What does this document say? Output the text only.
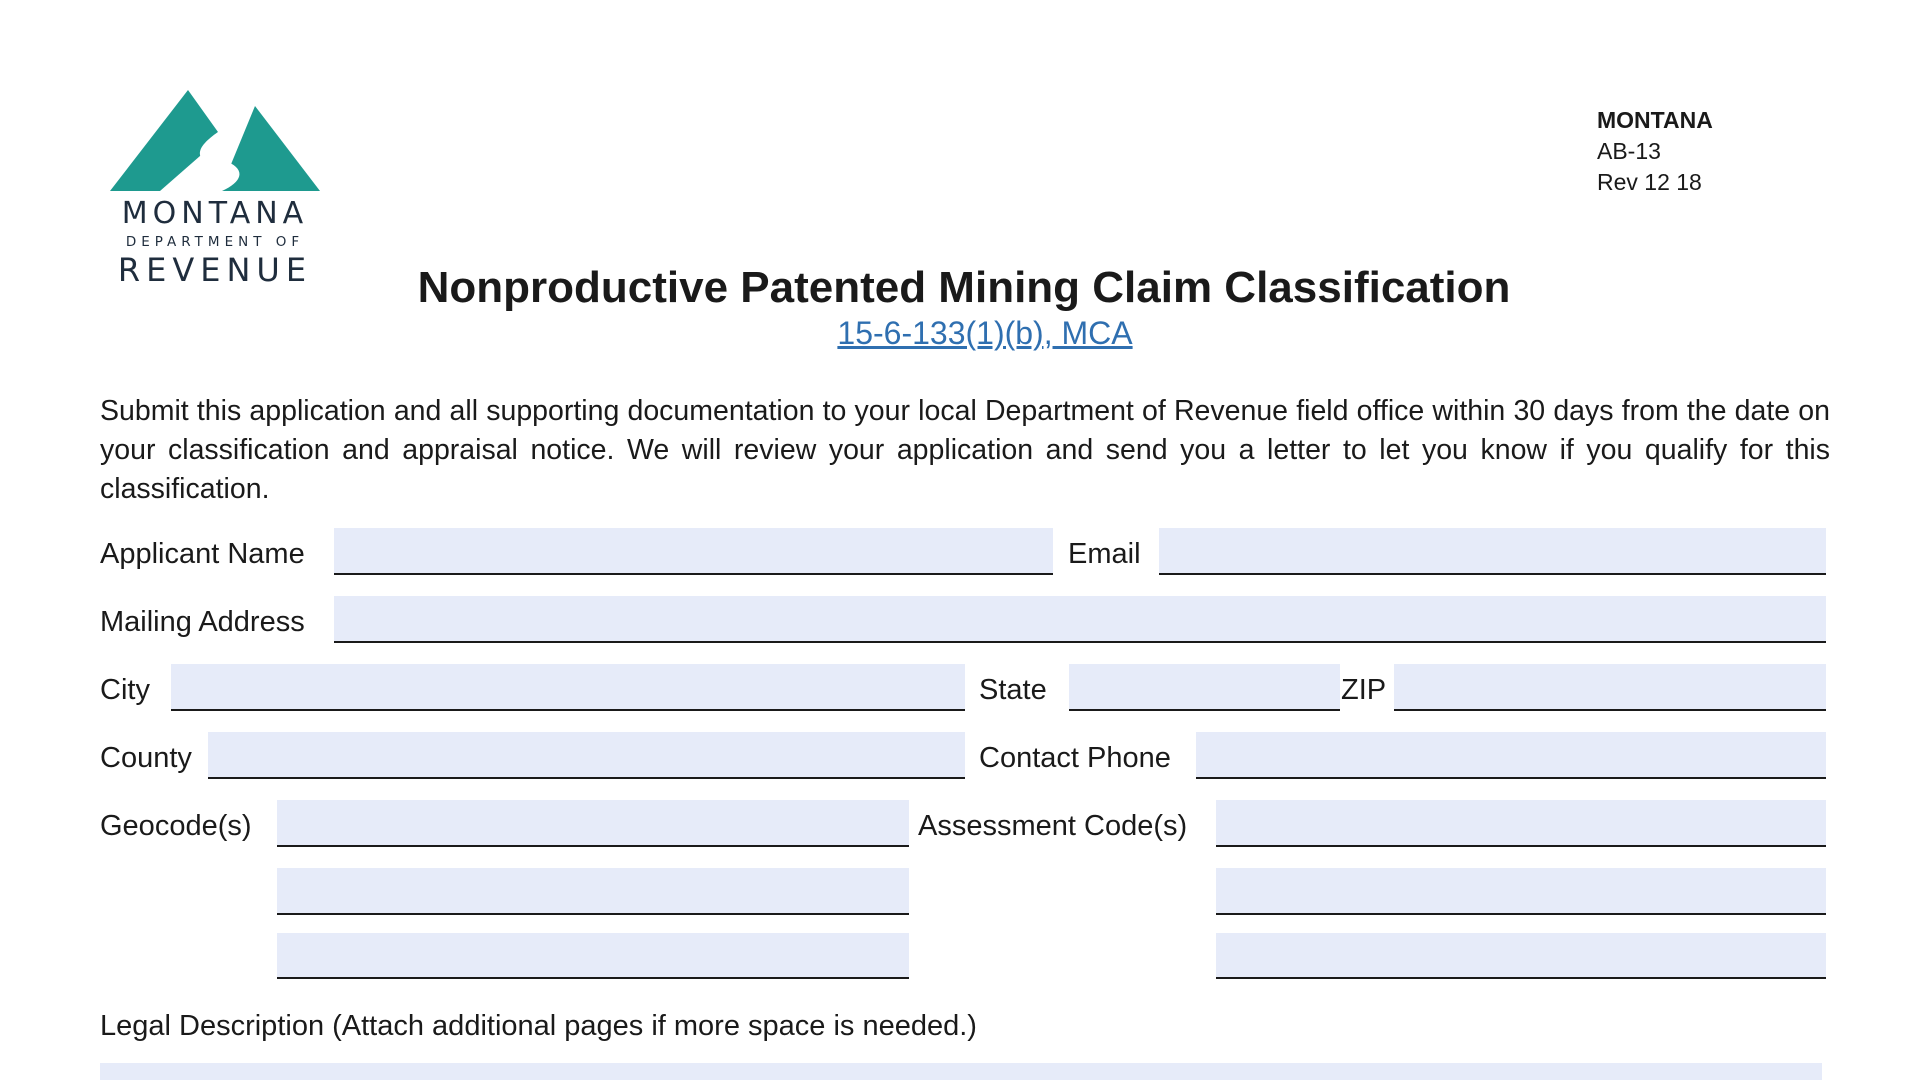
MONTANA
DEPARTMENT OF
REVENUE
MONTANA
AB-13
Rev 12 18
Nonproductive Patented Mining Claim Classification
15-6-133(1)(b), MCA
Submit this application and all supporting documentation to your local Department of Revenue field office within 30 days from the date on your classification and appraisal notice. We will review your application and send you a letter to let you know if you qualify for this classification.
Applicant Name	Email
Mailing Address
City	State	ZIP
County	Contact Phone
Geocode(s)	Assessment Code(s)
Legal Description (Attach additional pages if more space is needed.)
